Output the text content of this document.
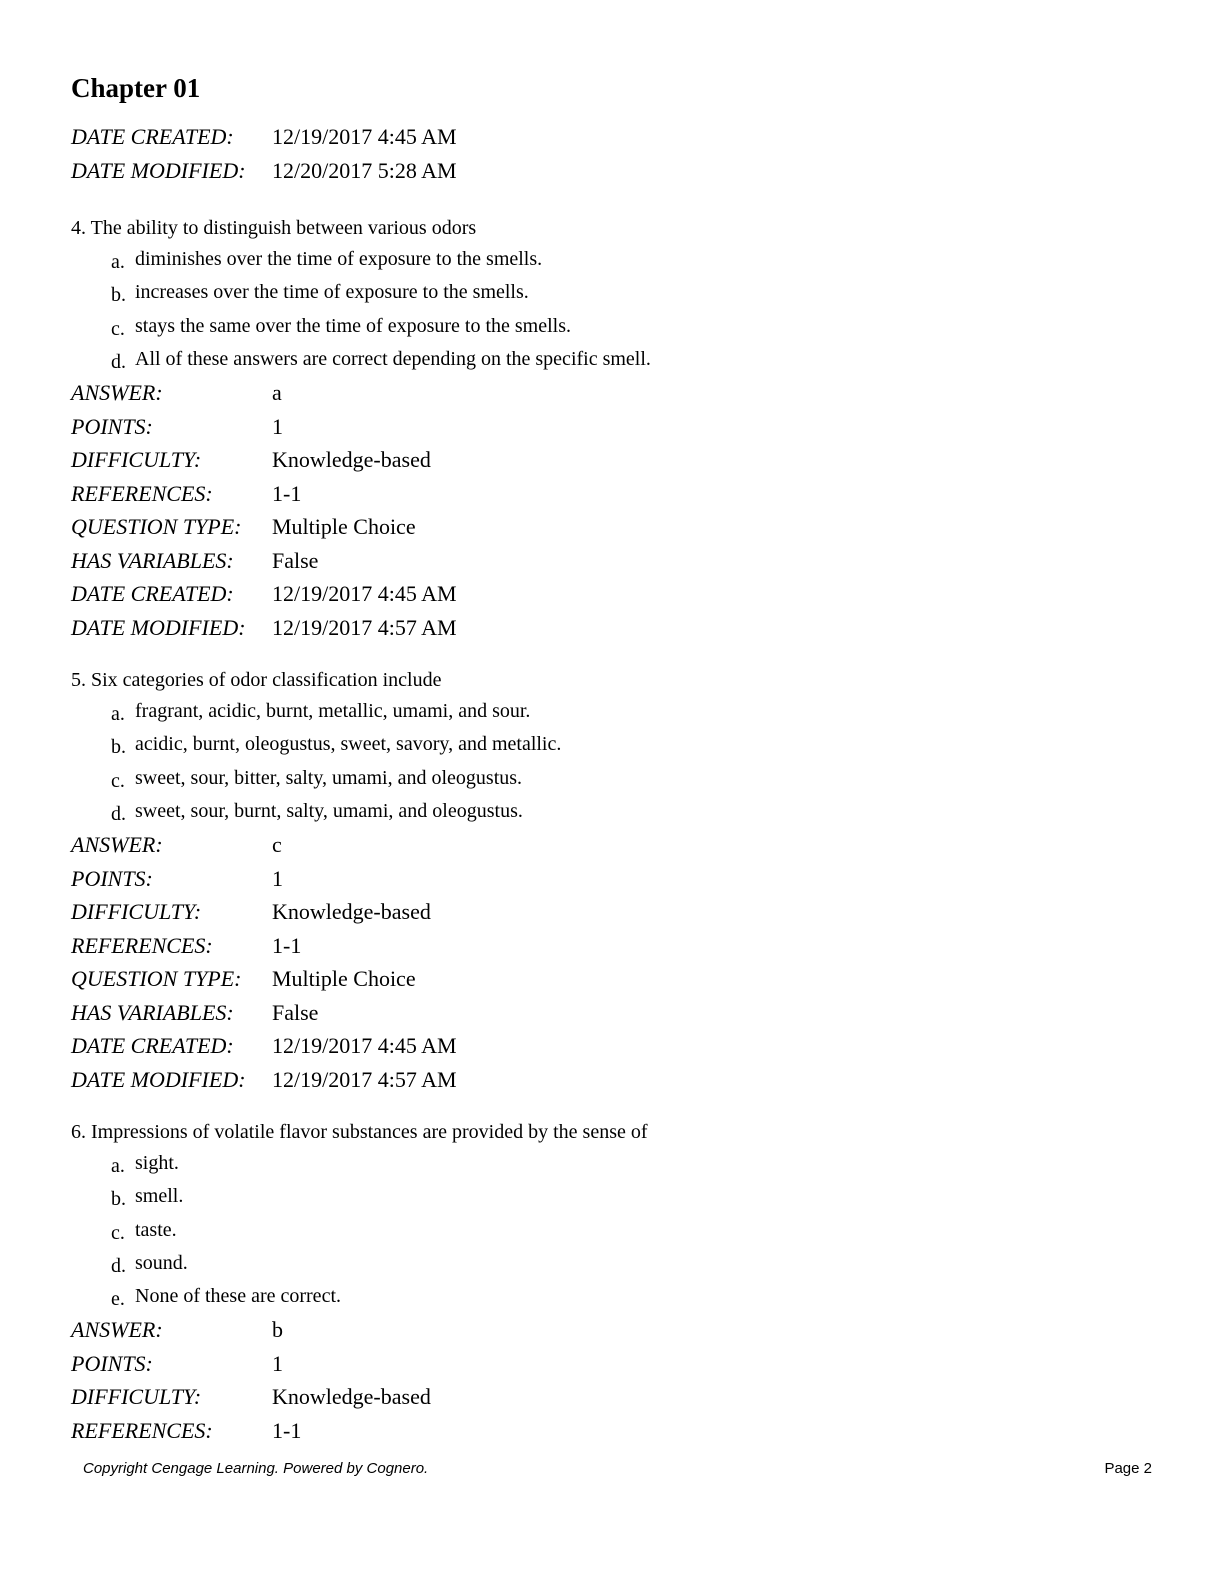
Chapter 01
DATE CREATED: 12/19/2017 4:45 AM
DATE MODIFIED: 12/20/2017 5:28 AM
4. The ability to distinguish between various odors
a. diminishes over the time of exposure to the smells.
b. increases over the time of exposure to the smells.
c. stays the same over the time of exposure to the smells.
d. All of these answers are correct depending on the specific smell.
ANSWER:	a
POINTS:	1
DIFFICULTY:	Knowledge-based
REFERENCES:	1-1
QUESTION TYPE: Multiple Choice
HAS VARIABLES: False
DATE CREATED: 12/19/2017 4:45 AM
DATE MODIFIED: 12/19/2017 4:57 AM
5. Six categories of odor classification include
a. fragrant, acidic, burnt, metallic, umami, and sour.
b. acidic, burnt, oleogustus, sweet, savory, and metallic.
c. sweet, sour, bitter, salty, umami, and oleogustus.
d. sweet, sour, burnt, salty, umami, and oleogustus.
ANSWER:	c
POINTS:	1
DIFFICULTY:	Knowledge-based
REFERENCES:	1-1
QUESTION TYPE: Multiple Choice
HAS VARIABLES: False
DATE CREATED: 12/19/2017 4:45 AM
DATE MODIFIED: 12/19/2017 4:57 AM
6. Impressions of volatile flavor substances are provided by the sense of
a. sight.
b. smell.
c. taste.
d. sound.
e. None of these are correct.
ANSWER:	b
POINTS:	1
DIFFICULTY:	Knowledge-based
REFERENCES:	1-1
Copyright Cengage Learning. Powered by Cognero.	Page 2
